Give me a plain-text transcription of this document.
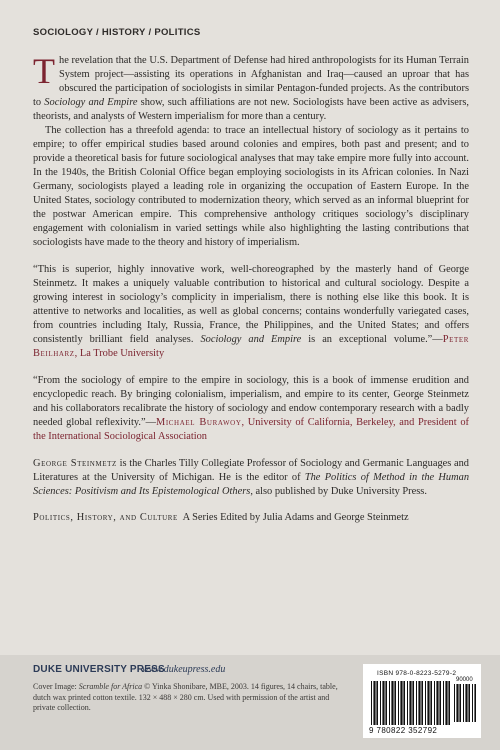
SOCIOLOGY / HISTORY / POLITICS

The revelation that the U.S. Department of Defense had hired anthropologists for its Human Terrain System project—assisting its operations in Afghanistan and Iraq—caused an uproar that has obscured the participation of sociologists in similar Pentagon-funded projects. As the contributors to Sociology and Empire show, such affiliations are not new. Sociologists have been active as advisers, theorists, and analysts of Western imperialism for more than a century.

The collection has a threefold agenda: to trace an intellectual history of sociology as it pertains to empire; to offer empirical studies based around colonies and empires, both past and present; and to provide a theoretical basis for future sociological analyses that may take empire more fully into account. In the 1940s, the British Colonial Office began employing sociologists in its African colonies. In Nazi Germany, sociologists played a leading role in organizing the occupation of Eastern Europe. In the United States, sociology contributed to modernization theory, which served as an informal blueprint for the postwar American empire. This comprehensive anthology critiques sociology’s disciplinary engagement with colonialism in varied settings while also highlighting the lasting contributions that sociologists have made to the theory and history of imperialism.

“This is superior, highly innovative work, well-choreographed by the masterly hand of George Steinmetz. It makes a uniquely valuable contribution to historical and cultural sociology. Despite a growing interest in sociology’s complicity in imperialism, there is nothing else like this book. It is attentive to networks and localities, as well as global concerns; contains wonderfully variegated cases, from countries including Italy, Russia, France, the Philippines, and the United States; and offers consistently brilliant field analyses. Sociology and Empire is an exceptional volume.”—Peter Beilharz, La Trobe University

“From the sociology of empire to the empire in sociology, this is a book of immense erudition and encyclopedic reach. By bringing colonialism, imperialism, and empire to its center, George Steinmetz and his collaborators recalibrate the history of sociology and endow contemporary research with a badly needed global reflexivity.”—Michael Burawoy, University of California, Berkeley, and President of the International Sociological Association

George Steinmetz is the Charles Tilly Collegiate Professor of Sociology and Germanic Languages and Literatures at the University of Michigan. He is the editor of The Politics of Method in the Human Sciences: Positivism and Its Epistemological Others, also published by Duke University Press.

Politics, History, and Culture A Series Edited by Julia Adams and George Steinmetz

DUKE UNIVERSITY PRESS
www.dukeupress.edu
Cover Image: Scramble for Africa © Yinka Shonibare, MBE, 2003. 14 figures, 14 chairs, table, dutch wax printed cotton textile. 132 × 488 × 280 cm. Used with permission of the artist and private collection.
ISBN 978-0-8223-5279-2
90000
9 780822 352792
